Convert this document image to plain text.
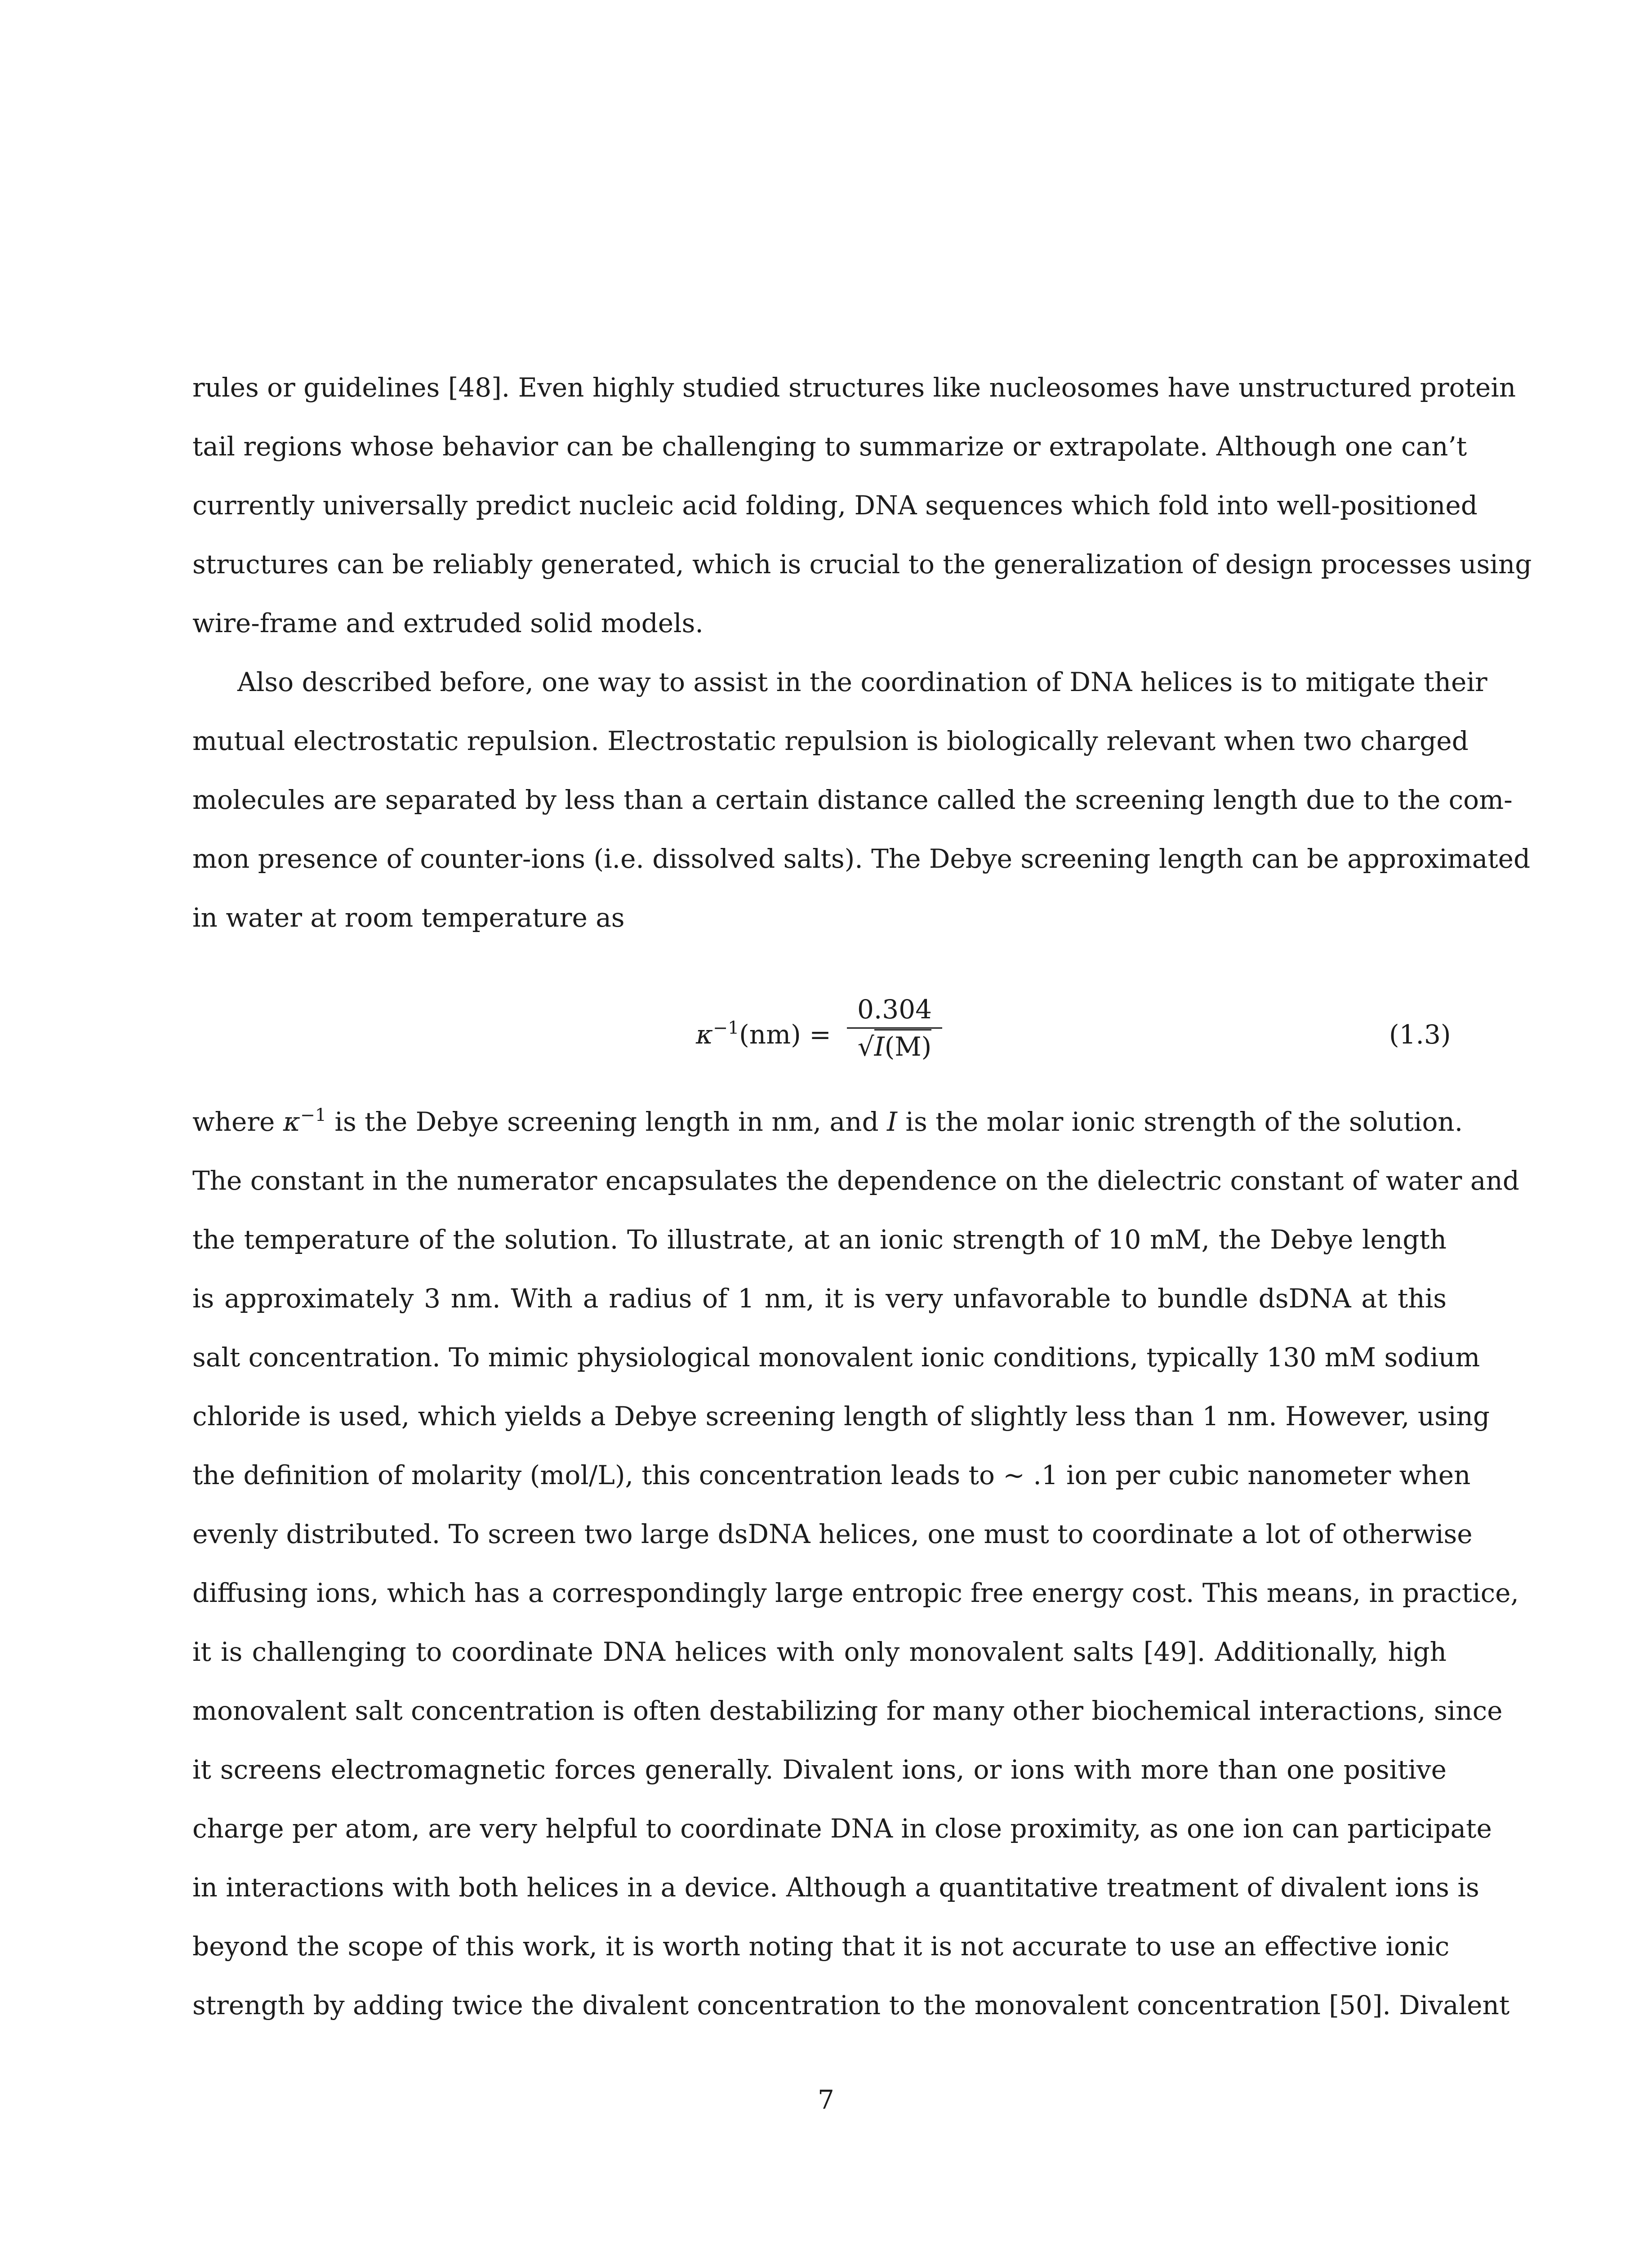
rules or guidelines [48]. Even highly studied structures like nucleosomes have unstructured protein
tail regions whose behavior can be challenging to summarize or extrapolate. Although one can’t
currently universally predict nucleic acid folding, DNA sequences which fold into well-positioned
structures can be reliably generated, which is crucial to the generalization of design processes using
wire-frame and extruded solid models.
Also described before, one way to assist in the coordination of DNA helices is to mitigate their
mutual electrostatic repulsion. Electrostatic repulsion is biologically relevant when two charged
molecules are separated by less than a certain distance called the screening length due to the com-
mon presence of counter-ions (i.e. dissolved salts). The Debye screening length can be approximated
in water at room temperature as
$\kappa^{-1}(nm)$ =
0.304
√I(M)	(1.3)
where $\kappa^{-1}$ is the Debye screening length in nm, and I is the molar ionic strength of the solution.
The constant in the numerator encapsulates the dependence on the dielectric constant of water and
the temperature of the solution. To illustrate, at an ionic strength of 10 mM, the Debye length
is approximately 3 nm. With a radius of 1 nm, it is very unfavorable to bundle dsDNA at this
salt concentration. To mimic physiological monovalent ionic conditions, typically 130 mM sodium
chloride is used, which yields a Debye screening length of slightly less than 1 nm. However, using
the definition of molarity (mol/L), this concentration leads to ∼ .1 ion per cubic nanometer when
evenly distributed. To screen two large dsDNA helices, one must to coordinate a lot of otherwise
diffusing ions, which has a correspondingly large entropic free energy cost. This means, in practice,
it is challenging to coordinate DNA helices with only monovalent salts [49]. Additionally, high
monovalent salt concentration is often destabilizing for many other biochemical interactions, since
it screens electromagnetic forces generally. Divalent ions, or ions with more than one positive
charge per atom, are very helpful to coordinate DNA in close proximity, as one ion can participate
in interactions with both helices in a device. Although a quantitative treatment of divalent ions is
beyond the scope of this work, it is worth noting that it is not accurate to use an effective ionic
strength by adding twice the divalent concentration to the monovalent concentration [50]. Divalent
7
